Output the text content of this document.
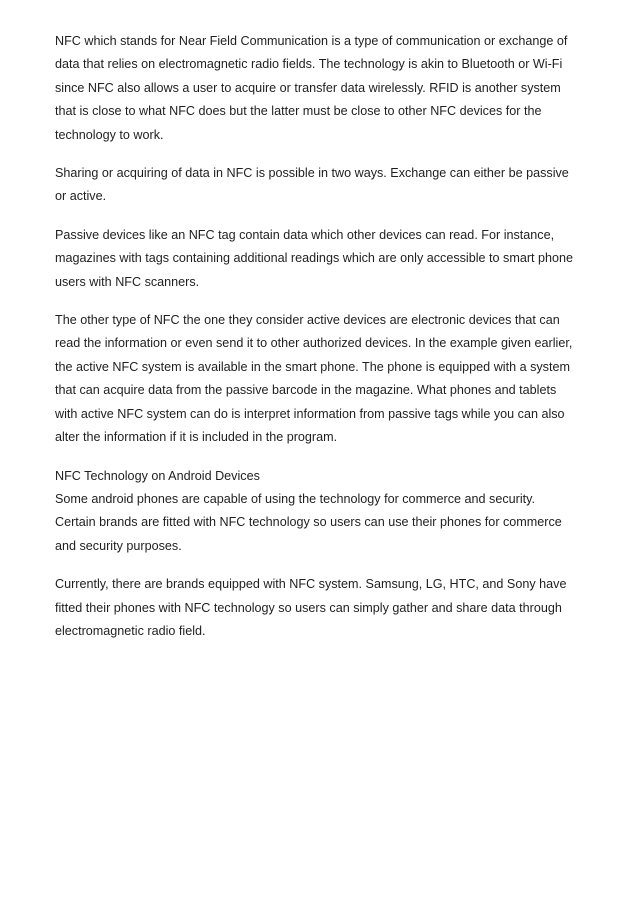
NFC which stands for Near Field Communication is a type of communication or exchange of
data that relies on electromagnetic radio fields. The technology is akin to Bluetooth or Wi-Fi
since NFC also allows a user to acquire or transfer data wirelessly. RFID is another system
that is close to what NFC does but the latter must be close to other NFC devices for the
technology to work.

Sharing or acquiring of data in NFC is possible in two ways. Exchange can either be passive
or active.

Passive devices like an NFC tag contain data which other devices can read. For instance,
magazines with tags containing additional readings which are only accessible to smart phone
users with NFC scanners.

The other type of NFC the one they consider active devices are electronic devices that can
read the information or even send it to other authorized devices. In the example given earlier,
the active NFC system is available in the smart phone. The phone is equipped with a system
that can acquire data from the passive barcode in the magazine. What phones and tablets
with active NFC system can do is interpret information from passive tags while you can also
alter the information if it is included in the program.

NFC Technology on Android Devices
Some android phones are capable of using the technology for commerce and security.
Certain brands are fitted with NFC technology so users can use their phones for commerce
and security purposes.

Currently, there are brands equipped with NFC system. Samsung, LG, HTC, and Sony have
fitted their phones with NFC technology so users can simply gather and share data through
electromagnetic radio field.
